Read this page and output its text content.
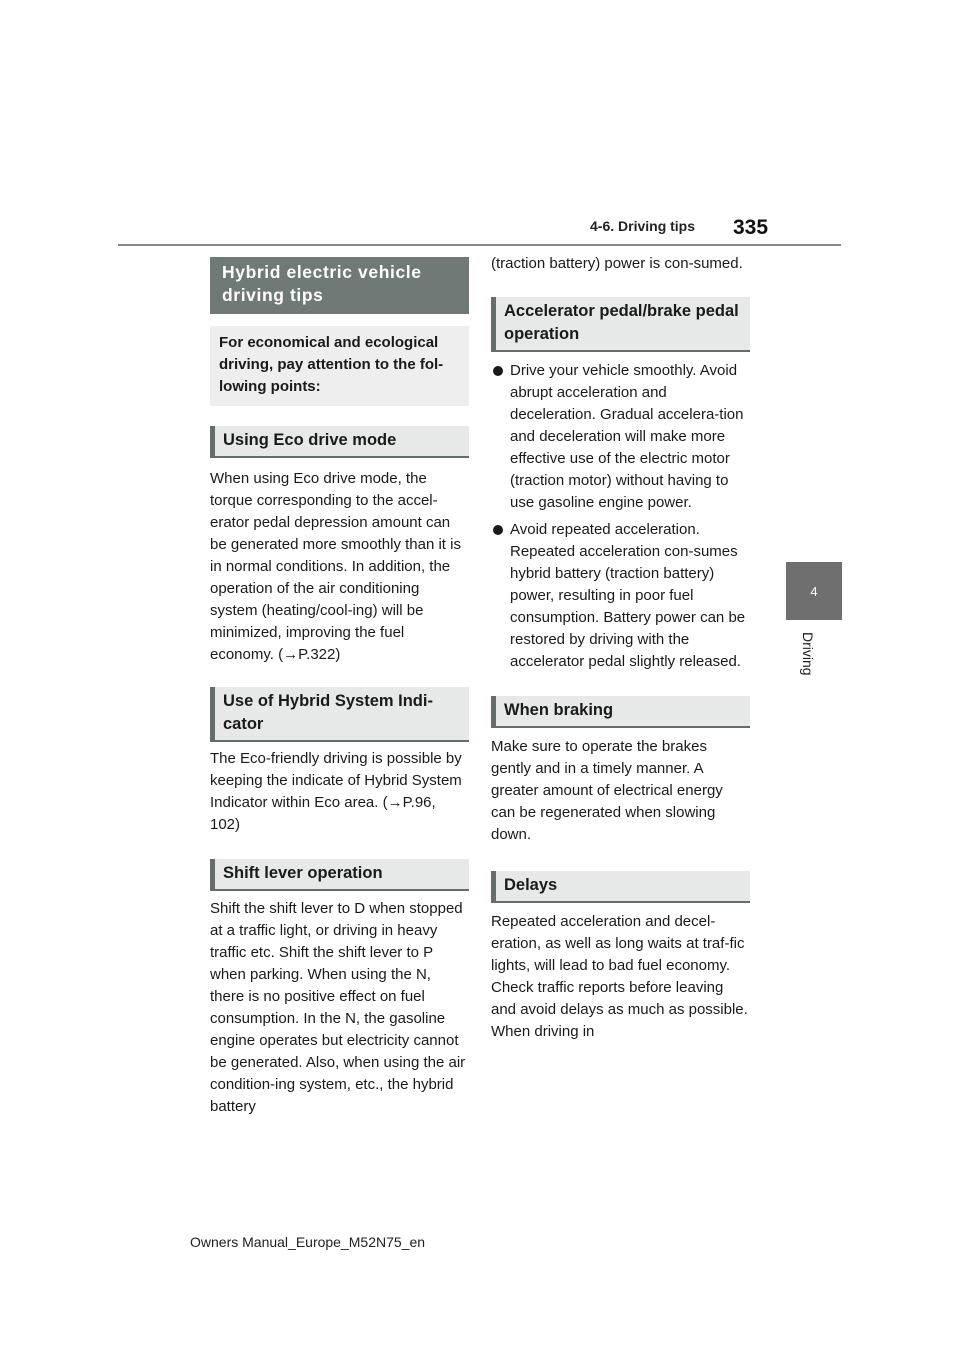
4-6. Driving tips 335
4
Driving
Hybrid electric vehicle driving tips
For economical and ecological driving, pay attention to the fol-lowing points:
Using Eco drive mode

When using Eco drive mode, the torque corresponding to the accel-erator pedal depression amount can be generated more smoothly than it is in normal conditions. In addition, the operation of the air conditioning system (heating/cool-ing) will be minimized, improving the fuel economy. (→P.322)

Use of Hybrid System Indi-cator

The Eco-friendly driving is possible by keeping the indicate of Hybrid System Indicator within Eco area. (→P.96, 102)

Shift lever operation

Shift the shift lever to D when stopped at a traffic light, or driving in heavy traffic etc. Shift the shift lever to P when parking. When using the N, there is no positive effect on fuel consumption. In the N, the gasoline engine operates but electricity cannot be generated. Also, when using the air condition-ing system, etc., the hybrid battery

(traction battery) power is con-sumed.

Accelerator pedal/brake pedal operation
Drive your vehicle smoothly. Avoid abrupt acceleration and deceleration. Gradual accelera-tion and deceleration will make more effective use of the electric motor (traction motor) without having to use gasoline engine power.
Avoid repeated acceleration. Repeated acceleration con-sumes hybrid battery (traction battery) power, resulting in poor fuel consumption. Battery power can be restored by driving with the accelerator pedal slightly released.
When braking

Make sure to operate the brakes gently and in a timely manner. A greater amount of electrical energy can be regenerated when slowing down.

Delays

Repeated acceleration and decel-eration, as well as long waits at traf-fic lights, will lead to bad fuel economy. Check traffic reports before leaving and avoid delays as much as possible. When driving in

Owners Manual_Europe_M52N75_en
